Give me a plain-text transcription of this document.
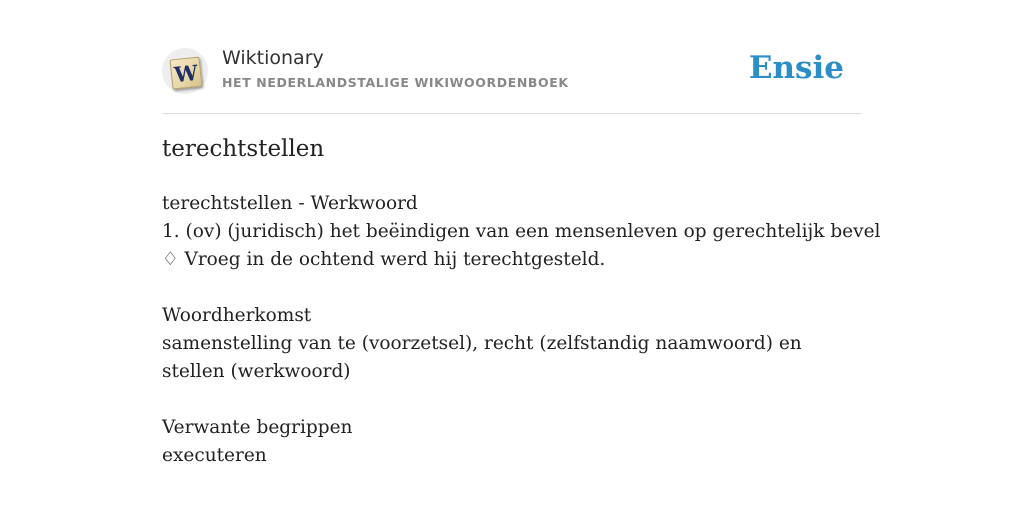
W
Wiktionary
HET NEDERLANDSTALIGE WIKIWOORDENBOEK	Ensie
terechtstellen
terechtstellen - Werkwoord
1. (ov) (juridisch) het beëindigen van een mensenleven op gerechtelijk bevel
♢ Vroeg in de ochtend werd hij terechtgesteld.
Woordherkomst
samenstelling van te (voorzetsel), recht (zelfstandig naamwoord) en stellen (werkwoord)
Verwante begrippen
executeren
